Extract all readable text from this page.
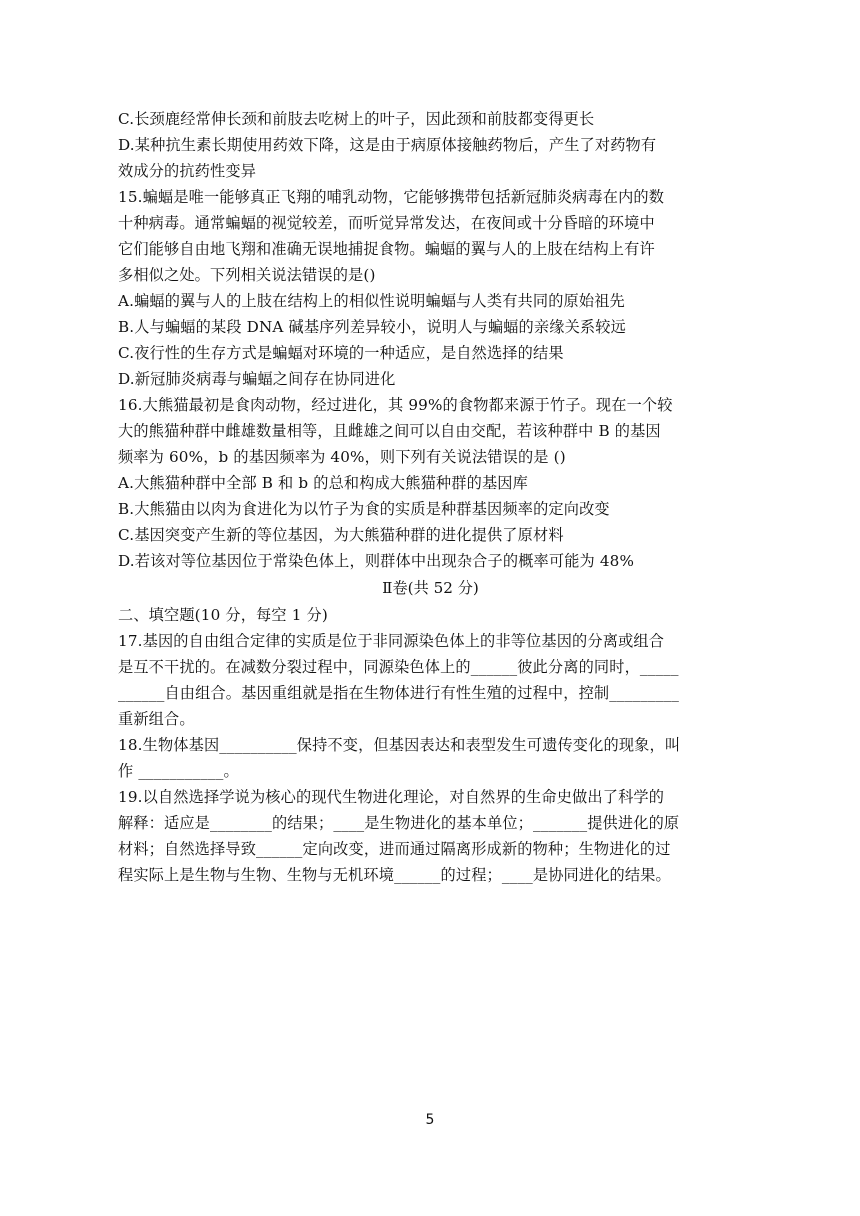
C.长颈鹿经常伸长颈和前肢去吃树上的叶子，因此颈和前肢都变得更长
D.某种抗生素长期使用药效下降，这是由于病原体接触药物后，产生了对药物有
效成分的抗药性变异
15.蝙蝠是唯一能够真正飞翔的哺乳动物，它能够携带包括新冠肺炎病毒在内的数
十种病毒。通常蝙蝠的视觉较差，而听觉异常发达，在夜间或十分昏暗的环境中
它们能够自由地飞翔和准确无误地捕捉食物。蝙蝠的翼与人的上肢在结构上有许
多相似之处。下列相关说法错误的是()
A.蝙蝠的翼与人的上肢在结构上的相似性说明蝙蝠与人类有共同的原始祖先
B.人与蝙蝠的某段 DNA 碱基序列差异较小，说明人与蝙蝠的亲缘关系较远
C.夜行性的生存方式是蝙蝠对环境的一种适应，是自然选择的结果
D.新冠肺炎病毒与蝙蝠之间存在协同进化
16.大熊猫最初是食肉动物，经过进化，其 99%的食物都来源于竹子。现在一个较
大的熊猫种群中雌雄数量相等，且雌雄之间可以自由交配，若该种群中 B 的基因
频率为 60%，b 的基因频率为 40%，则下列有关说法错误的是 ()
A.大熊猫种群中全部 B 和 b 的总和构成大熊猫种群的基因库
B.大熊猫由以肉为食进化为以竹子为食的实质是种群基因频率的定向改变
C.基因突变产生新的等位基因，为大熊猫种群的进化提供了原材料
D.若该对等位基因位于常染色体上，则群体中出现杂合子的概率可能为 48%
Ⅱ卷(共 52 分)
二、填空题(10 分，每空 1 分)
17.基因的自由组合定律的实质是位于非同源染色体上的非等位基因的分离或组合
是互不干扰的。在减数分裂过程中，同源染色体上的______彼此分离的同时，_____
______自由组合。基因重组就是指在生物体进行有性生殖的过程中，控制_________
重新组合。
18.生物体基因__________保持不变，但基因表达和表型发生可遗传变化的现象，叫
作 ___________。
19.以自然选择学说为核心的现代生物进化理论，对自然界的生命史做出了科学的
解释：适应是________的结果；____是生物进化的基本单位；_______提供进化的原
材料；自然选择导致______定向改变，进而通过隔离形成新的物种；生物进化的过
程实际上是生物与生物、生物与无机环境______的过程；____是协同进化的结果。
5
